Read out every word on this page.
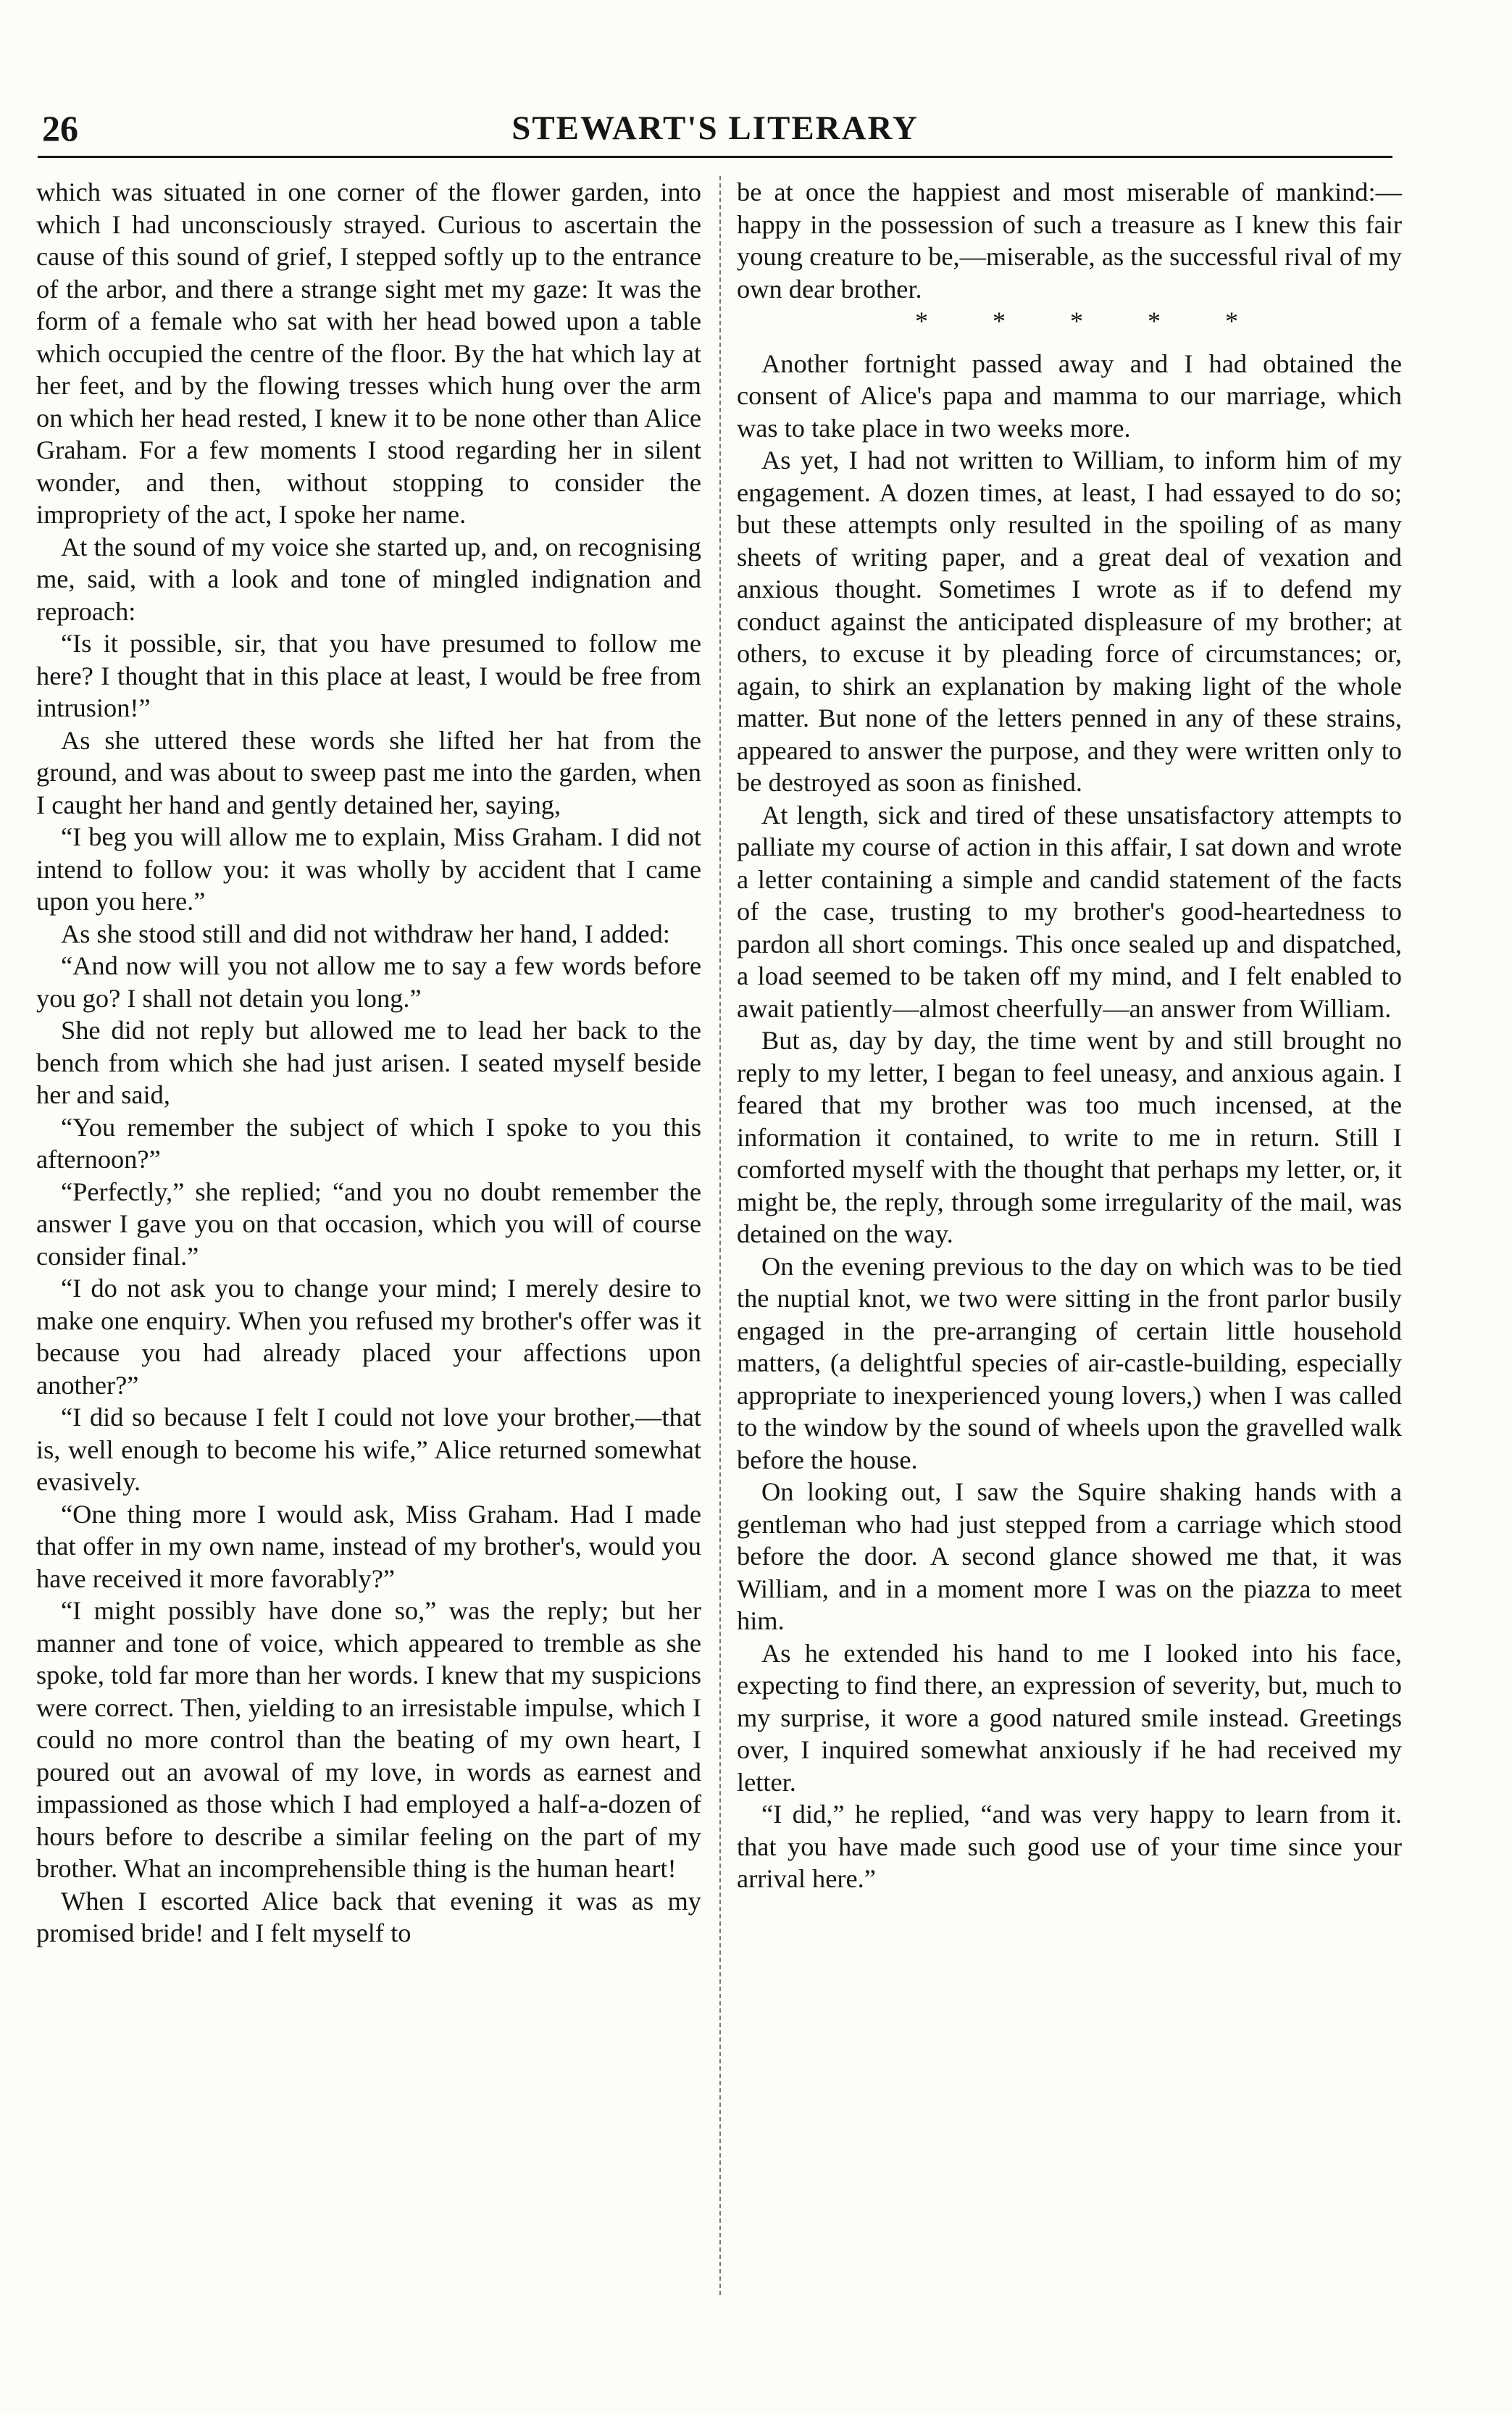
26	STEWART'S LITERARY

which was situated in one corner of the flower garden, into which I had unconsciously strayed. Curious to ascertain the cause of this sound of grief, I stepped softly up to the entrance of the arbor, and there a strange sight met my gaze: It was the form of a female who sat with her head bowed upon a table which occupied the centre of the floor. By the hat which lay at her feet, and by the flowing tresses which hung over the arm on which her head rested, I knew it to be none other than Alice Graham. For a few moments I stood regarding her in silent wonder, and then, without stopping to consider the impropriety of the act, I spoke her name.

At the sound of my voice she started up, and, on recognising me, said, with a look and tone of mingled indignation and reproach:

“Is it possible, sir, that you have presumed to follow me here? I thought that in this place at least, I would be free from intrusion!”

As she uttered these words she lifted her hat from the ground, and was about to sweep past me into the garden, when I caught her hand and gently detained her, saying,

“I beg you will allow me to explain, Miss Graham. I did not intend to follow you: it was wholly by accident that I came upon you here.”

As she stood still and did not withdraw her hand, I added:

“And now will you not allow me to say a few words before you go? I shall not detain you long.”

She did not reply but allowed me to lead her back to the bench from which she had just arisen. I seated myself beside her and said,

“You remember the subject of which I spoke to you this afternoon?”

“Perfectly,” she replied; “and you no doubt remember the answer I gave you on that occasion, which you will of course consider final.”

“I do not ask you to change your mind; I merely desire to make one enquiry. When you refused my brother's offer was it because you had already placed your affections upon another?”

“I did so because I felt I could not love your brother,—that is, well enough to become his wife,” Alice returned somewhat evasively.

“One thing more I would ask, Miss Graham. Had I made that offer in my own name, instead of my brother's, would you have received it more favorably?”

“I might possibly have done so,” was the reply; but her manner and tone of voice, which appeared to tremble as she spoke, told far more than her words. I knew that my suspicions were correct. Then, yielding to an irresistable impulse, which I could no more control than the beating of my own heart, I poured out an avowal of my love, in words as earnest and impassioned as those which I had employed a half-a-dozen of hours before to describe a similar feeling on the part of my brother. What an incomprehensible thing is the human heart!

When I escorted Alice back that evening it was as my promised bride! and I felt myself to

be at once the happiest and most miserable of mankind:—happy in the possession of such a treasure as I knew this fair young creature to be,—miserable, as the successful rival of my own dear brother.

* * * * *

Another fortnight passed away and I had obtained the consent of Alice's papa and mamma to our marriage, which was to take place in two weeks more.

As yet, I had not written to William, to inform him of my engagement. A dozen times, at least, I had essayed to do so; but these attempts only resulted in the spoiling of as many sheets of writing paper, and a great deal of vexation and anxious thought. Sometimes I wrote as if to defend my conduct against the anticipated displeasure of my brother; at others, to excuse it by pleading force of circumstances; or, again, to shirk an explanation by making light of the whole matter. But none of the letters penned in any of these strains, appeared to answer the purpose, and they were written only to be destroyed as soon as finished.

At length, sick and tired of these unsatisfactory attempts to palliate my course of action in this affair, I sat down and wrote a letter containing a simple and candid statement of the facts of the case, trusting to my brother's good-heartedness to pardon all short comings. This once sealed up and dispatched, a load seemed to be taken off my mind, and I felt enabled to await patiently—almost cheerfully—an answer from William.

But as, day by day, the time went by and still brought no reply to my letter, I began to feel uneasy, and anxious again. I feared that my brother was too much incensed, at the information it contained, to write to me in return. Still I comforted myself with the thought that perhaps my letter, or, it might be, the reply, through some irregularity of the mail, was detained on the way.

On the evening previous to the day on which was to be tied the nuptial knot, we two were sitting in the front parlor busily engaged in the pre-arranging of certain little household matters, (a delightful species of air-castle-building, especially appropriate to inexperienced young lovers,) when I was called to the window by the sound of wheels upon the gravelled walk before the house.

On looking out, I saw the Squire shaking hands with a gentleman who had just stepped from a carriage which stood before the door. A second glance showed me that, it was William, and in a moment more I was on the piazza to meet him.

As he extended his hand to me I looked into his face, expecting to find there, an expression of severity, but, much to my surprise, it wore a good natured smile instead. Greetings over, I inquired somewhat anxiously if he had received my letter.

“I did,” he replied, “and was very happy to learn from it. that you have made such good use of your time since your arrival here.”
